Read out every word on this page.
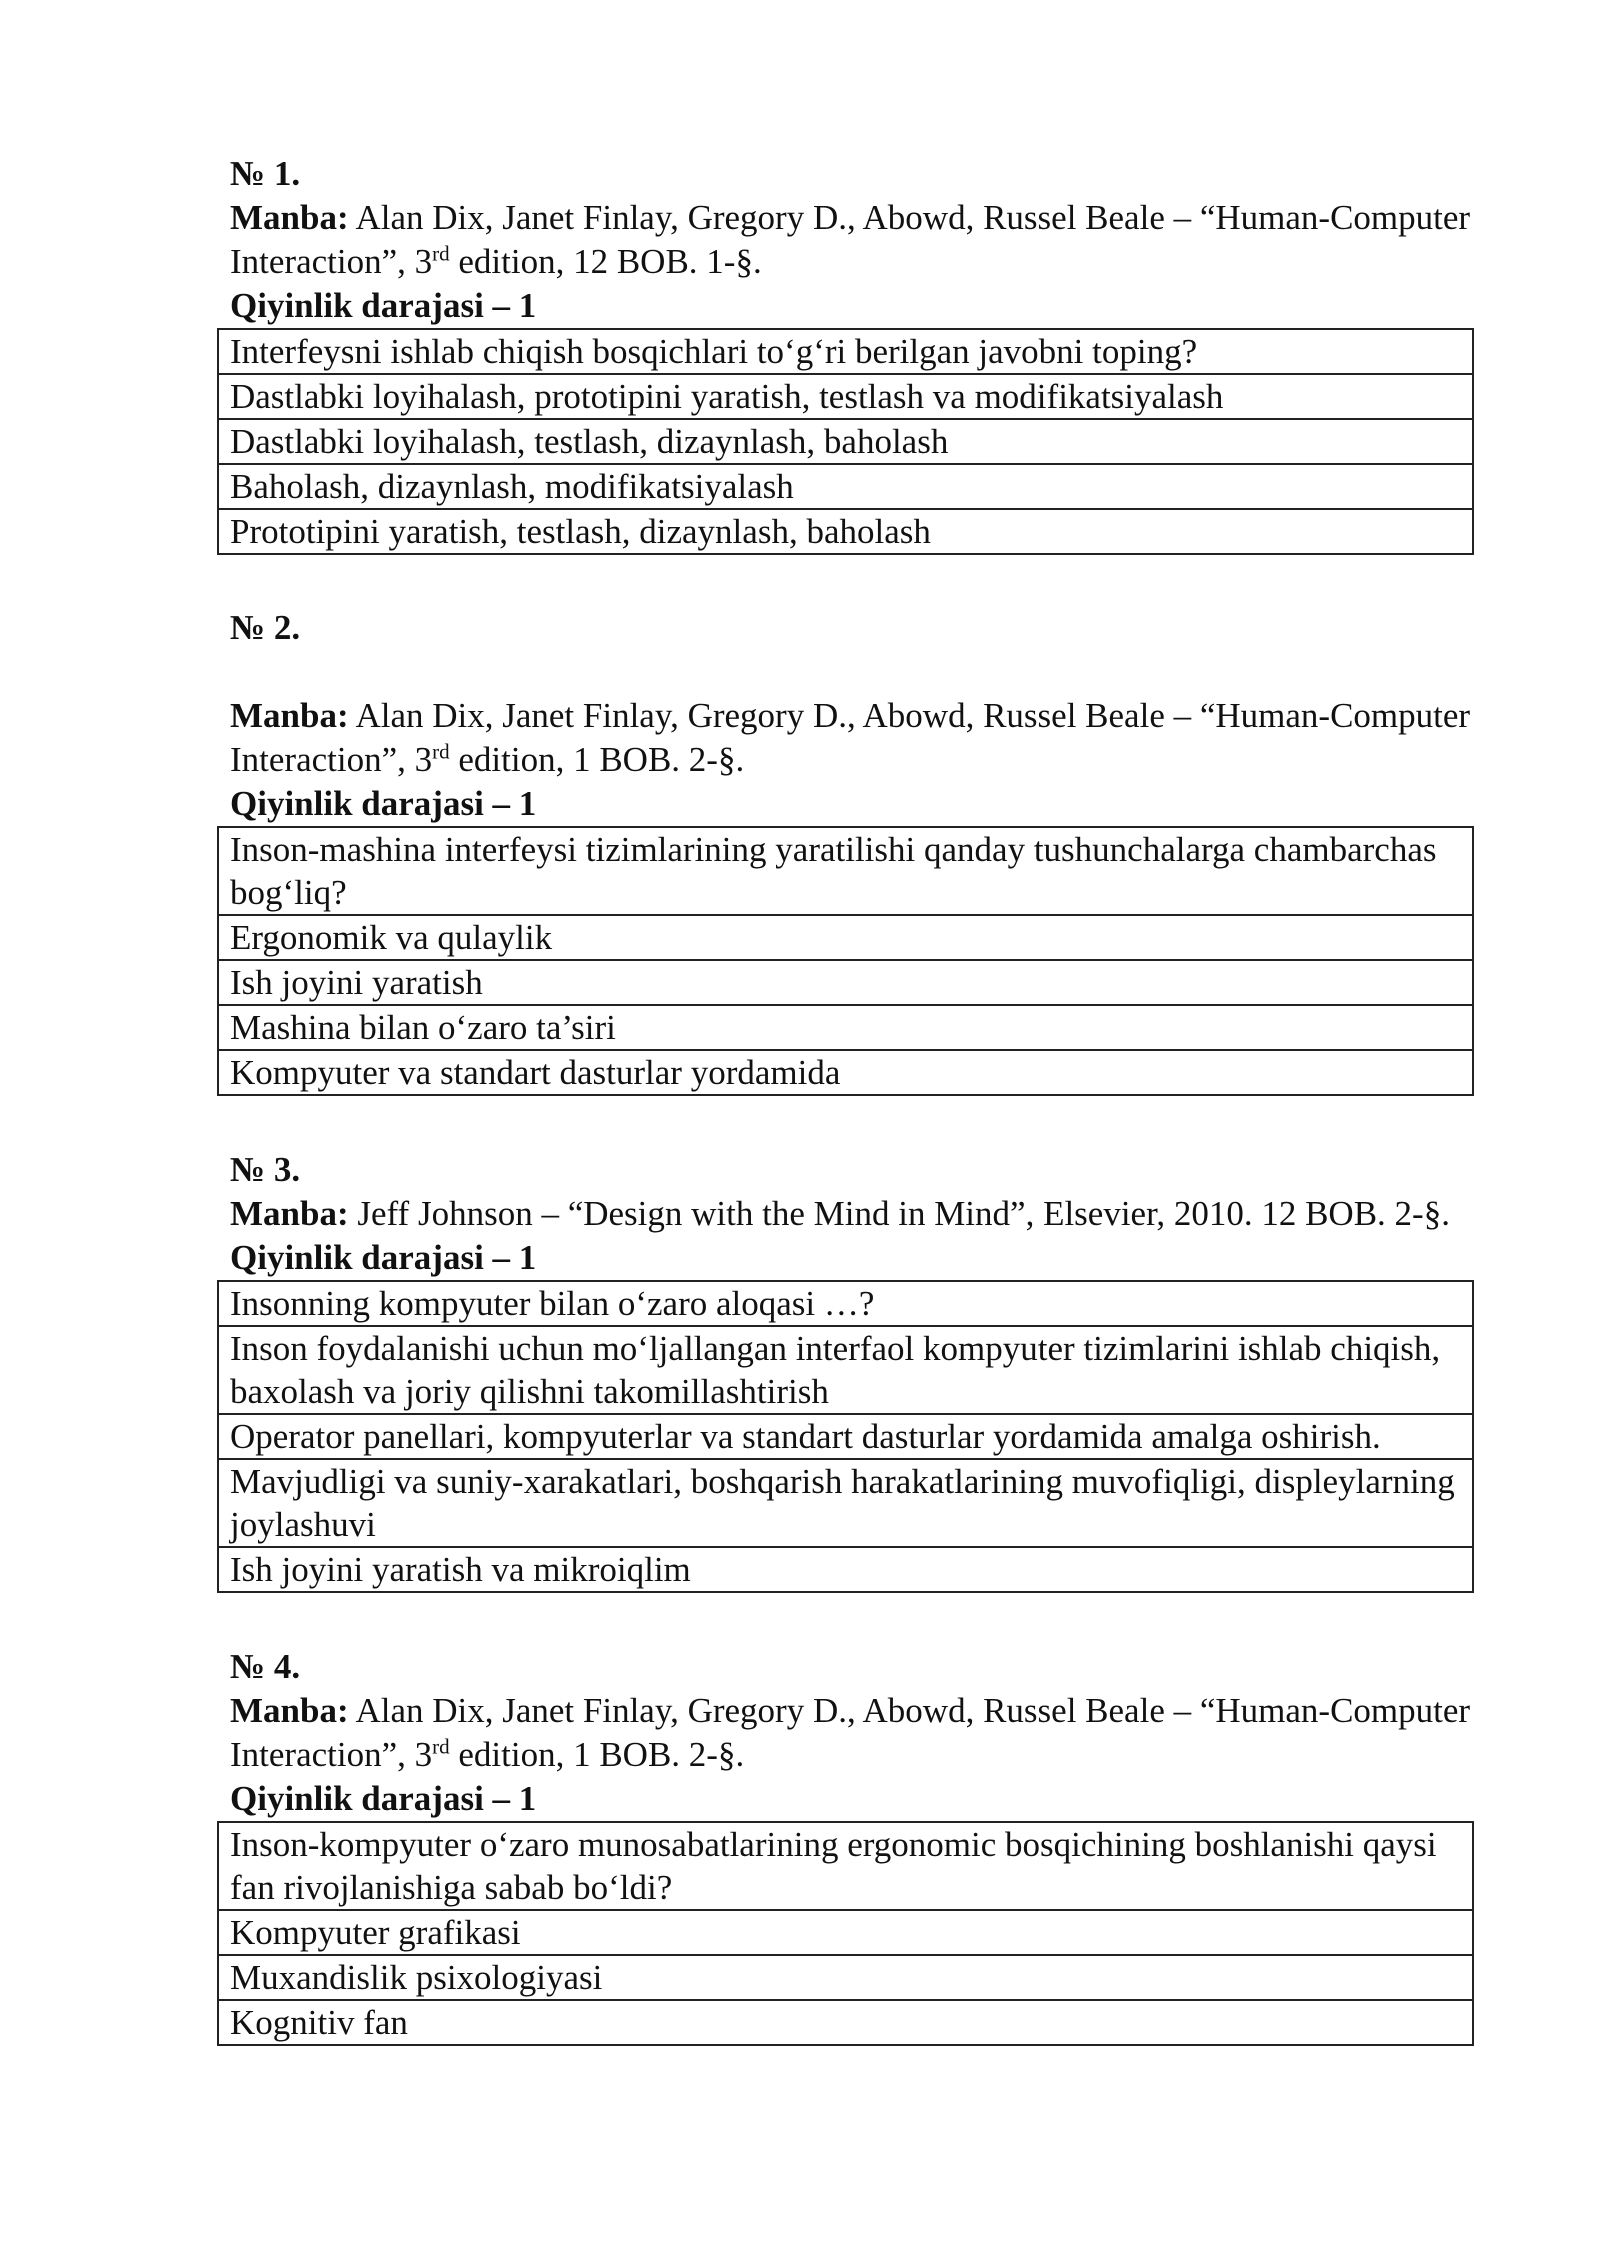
№ 1.
Manba: Alan Dix, Janet Finlay, Gregory D., Abowd, Russel Beale – “Human-Computer Interaction”, 3rd edition, 12 BOB. 1-§.
Qiyinlik darajasi – 1
Interfeysni ishlab chiqish bosqichlari to‘g‘ri berilgan javobni toping?
Dastlabki loyihalash, prototipini yaratish, testlash va modifikatsiyalash
Dastlabki loyihalash, testlash, dizaynlash, baholash
Baholash, dizaynlash, modifikatsiyalash
Prototipini yaratish, testlash, dizaynlash, baholash
№ 2.
Manba: Alan Dix, Janet Finlay, Gregory D., Abowd, Russel Beale – “Human-Computer Interaction”, 3rd edition, 1 BOB. 2-§.
Qiyinlik darajasi – 1
Inson-mashina interfeysi tizimlarining yaratilishi qanday tushunchalarga chambarchas bog‘liq?
Ergonomik va qulaylik
Ish joyini yaratish
Mashina bilan o‘zaro ta’siri
Kompyuter va standart dasturlar yordamida
№ 3.
Manba: Jeff Johnson – “Design with the Mind in Mind”, Elsevier, 2010. 12 BOB. 2-§.
Qiyinlik darajasi – 1
Insonning kompyuter bilan o‘zaro aloqasi …?
Inson foydalanishi uchun mo‘ljallangan interfaol kompyuter tizimlarini ishlab chiqish, baxolash va joriy qilishni takomillashtirish
Operator panellari, kompyuterlar va standart dasturlar yordamida amalga oshirish.
Mavjudligi va suniy-xarakatlari, boshqarish harakatlarining muvofiqligi, displeylarning joylashuvi
Ish joyini yaratish va mikroiqlim
№ 4.
Manba: Alan Dix, Janet Finlay, Gregory D., Abowd, Russel Beale – “Human-Computer Interaction”, 3rd edition, 1 BOB. 2-§.
Qiyinlik darajasi – 1
Inson-kompyuter o‘zaro munosabatlarining ergonomic bosqichining boshlanishi qaysi fan rivojlanishiga sabab bo‘ldi?
Kompyuter grafikasi
Muxandislik psixologiyasi
Kognitiv fan
